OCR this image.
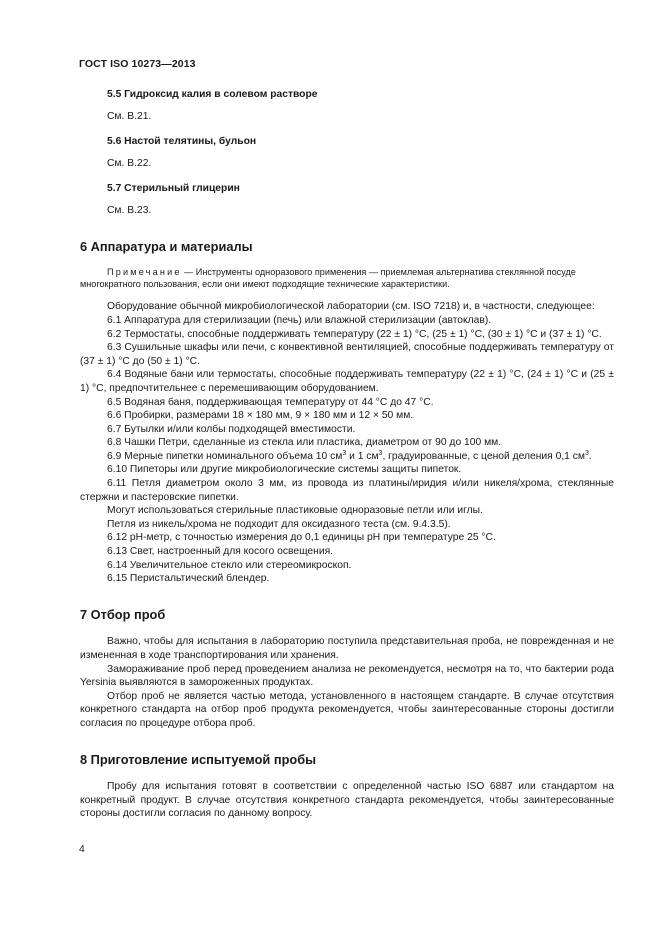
ГОСТ ISO 10273—2013

5.5 Гидроксид калия в солевом растворе

См. В.21.

5.6 Настой телятины, бульон

См. В.22.

5.7 Стерильный глицерин

См. В.23.

6 Аппаратура и материалы

Примечание — Инструменты одноразового применения — приемлемая альтернатива стеклянной посуде
многократного пользования, если они имеют подходящие технические характеристики.

Оборудование обычной микробиологической лаборатории (см. ISO 7218) и, в частности, следующее:

6.1 Аппаратура для стерилизации (печь) или влажной стерилизации (автоклав).

6.2 Термостаты, способные поддерживать температуру (22 ± 1) °С, (25 ± 1) °С, (30 ± 1) °С и (37 ± 1) °С.

6.3 Сушильные шкафы или печи, с конвективной вентиляцией, способные поддерживать температуру от (37 ± 1) °С до (50 ± 1) °С.

6.4 Водяные бани или термостаты, способные поддерживать температуру (22 ± 1) °С, (24 ± 1) °С и (25 ± 1) °С, предпочтительнее с перемешивающим оборудованием.

6.5 Водяная баня, поддерживающая температуру от 44 °С до 47 °С.

6.6 Пробирки, размерами 18 × 180 мм, 9 × 180 мм и 12 × 50 мм.

6.7 Бутылки и/или колбы подходящей вместимости.

6.8 Чашки Петри, сделанные из стекла или пластика, диаметром от 90 до 100 мм.

6.9 Мерные пипетки номинального объема 10 $см^3$ и 1 $см^3$, градуированные, с ценой деления 0,1 $см^3$.

6.10 Пипеторы или другие микробиологические системы защиты пипеток.

6.11 Петля диаметром около 3 мм, из провода из платины/иридия и/или никеля/хрома, стеклянные стержни и пастеровские пипетки.

Могут использоваться стерильные пластиковые одноразовые петли или иглы.

Петля из никель/хрома не подходит для оксидазного теста (см. 9.4.3.5).

6.12 pH-метр, с точностью измерения до 0,1 единицы pH при температуре 25 °С.

6.13 Свет, настроенный для косого освещения.

6.14 Увеличительное стекло или стереомикроскоп.

6.15 Перистальтический блендер.

7 Отбор проб

Важно, чтобы для испытания в лабораторию поступила представительная проба, не поврежденная и не измененная в ходе транспортирования или хранения.

Замораживание проб перед проведением анализа не рекомендуется, несмотря на то, что бактерии рода Yersinia выявляются в замороженных продуктах.

Отбор проб не является частью метода, установленного в настоящем стандарте. В случае отсутствия конкретного стандарта на отбор проб продукта рекомендуется, чтобы заинтересованные стороны достигли согласия по процедуре отбора проб.

8 Приготовление испытуемой пробы

Пробу для испытания готовят в соответствии с определенной частью ISO 6887 или стандартом на конкретный продукт. В случае отсутствия конкретного стандарта рекомендуется, чтобы заинтересованные стороны достигли согласия по данному вопросу.

4
